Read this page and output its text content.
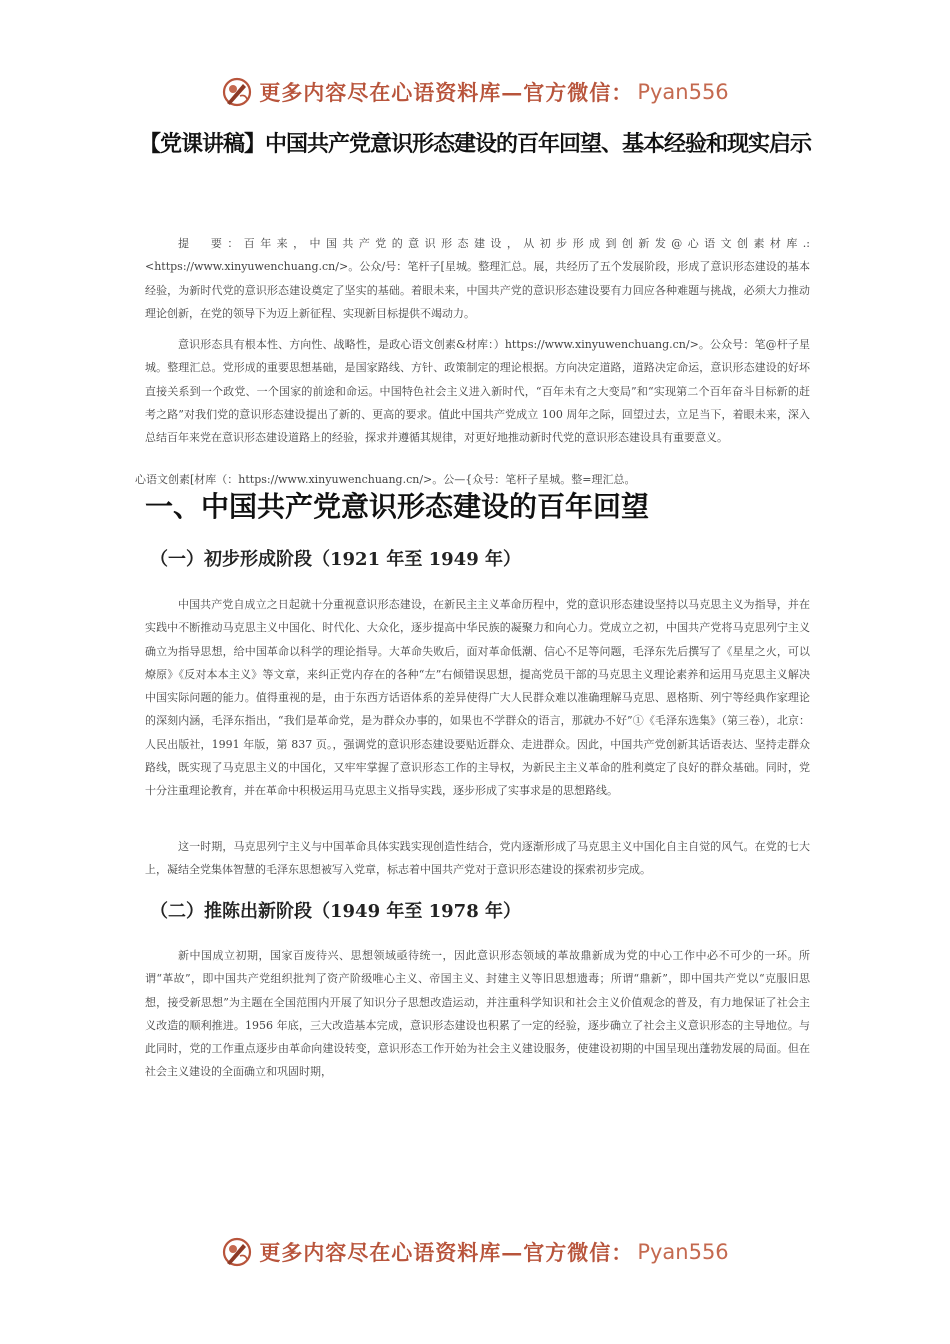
更多内容尽在心语资料库—官方微信： Pyan556
【党课讲稿】中国共产党意识形态建设的百年回望、基本经验和现实启示

提　要：百年来，中国共产党的意识形态建设，从初步形成到创新发@心语文创素材库.:<https://www.xinyuwenchuang.cn/>。公众/号：笔杆子[星城。整理汇总。展，共经历了五个发展阶段，形成了意识形态建设的基本经验，为新时代党的意识形态建设奠定了坚实的基础。着眼未来，中国共产党的意识形态建设要有力回应各种难题与挑战，必须大力推动理论创新，在党的领导下为迈上新征程、实现新目标提供不竭动力。

意识形态具有根本性、方向性、战略性，是政心语文创素&材库：）https://www.xinyuwenchuang.cn/>。公众号：笔@杆子星城。整理汇总。党形成的重要思想基础，是国家路线、方针、政策制定的理论根据。方向决定道路，道路决定命运，意识形态建设的好坏直接关系到一个政党、一个国家的前途和命运。中国特色社会主义进入新时代，“百年未有之大变局”和“实现第二个百年奋斗目标新的赶考之路”对我们党的意识形态建设提出了新的、更高的要求。值此中国共产党成立 100 周年之际，回望过去，立足当下，着眼未来，深入总结百年来党在意识形态建设道路上的经验，探求并遵循其规律，对更好地推动新时代党的意识形态建设具有重要意义。

心语文创素[材库（：https://www.xinyuwenchuang.cn/>。公—{众号：笔杆子星城。整=理汇总。
一、中国共产党意识形态建设的百年回望
（一）初步形成阶段（1921 年至 1949 年）

中国共产党自成立之日起就十分重视意识形态建设，在新民主主义革命历程中，党的意识形态建设坚持以马克思主义为指导，并在实践中不断推动马克思主义中国化、时代化、大众化，逐步提高中华民族的凝聚力和向心力。党成立之初，中国共产党将马克思列宁主义确立为指导思想，给中国革命以科学的理论指导。大革命失败后，面对革命低潮、信心不足等问题，毛泽东先后撰写了《星星之火，可以燎原》《反对本本主义》等文章，来纠正党内存在的各种“左”右倾错误思想，提高党员干部的马克思主义理论素养和运用马克思主义解决中国实际问题的能力。值得重视的是，由于东西方话语体系的差异使得广大人民群众难以准确理解马克思、恩格斯、列宁等经典作家理论的深刻内涵，毛泽东指出，“我们是革命党，是为群众办事的，如果也不学群众的语言，那就办不好”①《毛泽东选集》（第三卷），北京：人民出版社，1991 年版，第 837 页。，强调党的意识形态建设要贴近群众、走进群众。因此，中国共产党创新其话语表达、坚持走群众路线，既实现了马克思主义的中国化，又牢牢掌握了意识形态工作的主导权，为新民主主义革命的胜利奠定了良好的群众基础。同时，党十分注重理论教育，并在革命中积极运用马克思主义指导实践，逐步形成了实事求是的思想路线。

这一时期，马克思列宁主义与中国革命具体实践实现创造性结合，党内逐渐形成了马克思主义中国化自主自觉的风气。在党的七大上，凝结全党集体智慧的毛泽东思想被写入党章，标志着中国共产党对于意识形态建设的探索初步完成。

（二）推陈出新阶段（1949 年至 1978 年）

新中国成立初期，国家百废待兴、思想领域亟待统一，因此意识形态领域的革故鼎新成为党的中心工作中必不可少的一环。所谓“革故”，即中国共产党组织批判了资产阶级唯心主义、帝国主义、封建主义等旧思想遗毒；所谓“鼎新”，即中国共产党以“克服旧思想，接受新思想”为主题在全国范围内开展了知识分子思想改造运动，并注重科学知识和社会主义价值观念的普及，有力地保证了社会主义改造的顺利推进。1956 年底，三大改造基本完成，意识形态建设也积累了一定的经验，逐步确立了社会主义意识形态的主导地位。与此同时，党的工作重点逐步由革命向建设转变，意识形态工作开始为社会主义建设服务，使建设初期的中国呈现出蓬勃发展的局面。但在社会主义建设的全面确立和巩固时期，

更多内容尽在心语资料库—官方微信： Pyan556
